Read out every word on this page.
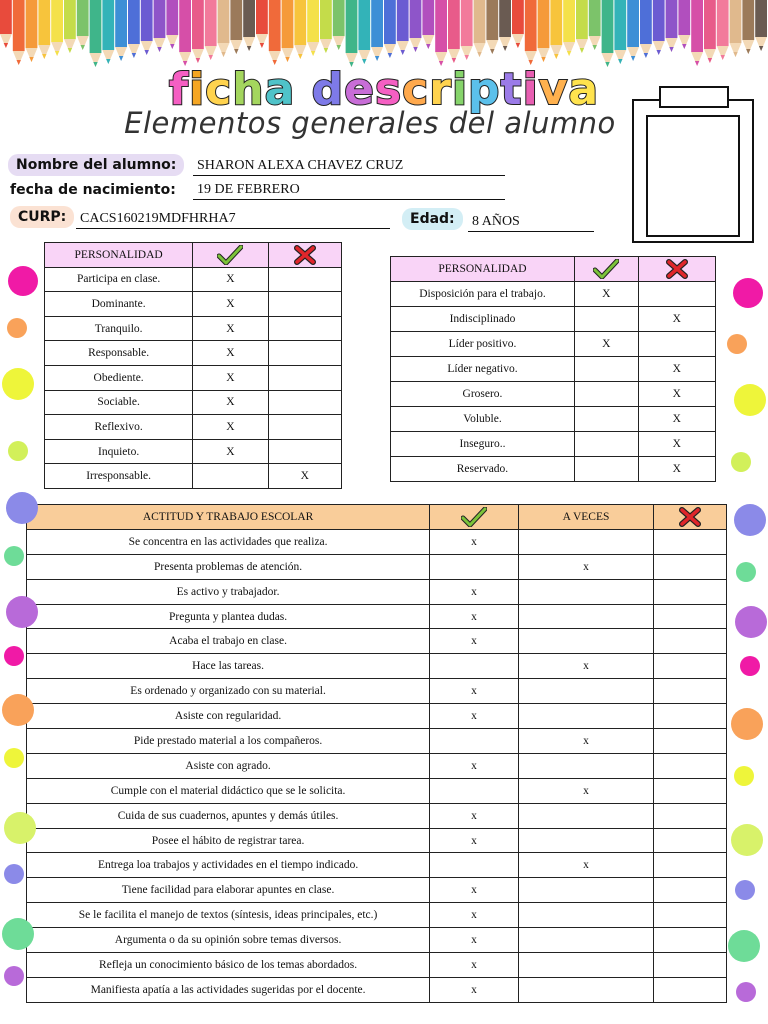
ficha descriptiva
Elementos generales del alumno
Nombre del alumno:	SHARON ALEXA CHAVEZ CRUZ
fecha de nacimiento:	19 DE FEBRERO
CURP: CACS160219MDFHRHA7	Edad:	8 AÑOS
PERSONALIDAD	

Participa en clase.	X	
Dominante.	X	
Tranquilo.	X	
Responsable.	X	
Obediente.	X	
Sociable.	X	
Reflexivo.	X	
Inquieto.	X	
Irresponsable.		X
PERSONALIDAD	

Disposición para el trabajo.	X	
Indisciplinado		X
Líder positivo.	X	
Líder negativo.		X
Grosero.		X
Voluble.		X
Inseguro..		X
Reservado.		X
ACTITUD Y TRABAJO ESCOLAR		A VECES	

Se concentra en las actividades que realiza.	x		
Presenta problemas de atención.		x	
Es activo y trabajador.	x		
Pregunta y plantea dudas.	x		
Acaba el trabajo en clase.	x		
Hace las tareas.		x	
Es ordenado y organizado con su material.	x		
Asiste con regularidad.	x		
Pide prestado material a los compañeros.		x	
Asiste con agrado.	x		
Cumple con el material didáctico que se le solicita.		x	
Cuida de sus cuadernos, apuntes y demás útiles.	x		
Posee el hábito de registrar tarea.	x		
Entrega loa trabajos y actividades en el tiempo indicado.		x	
Tiene facilidad para elaborar apuntes en clase.	x		
Se le facilita el manejo de textos (síntesis, ideas principales, etc.)	x		
Argumenta o da su opinión sobre temas diversos.	x		
Refleja un conocimiento básico de los temas abordados.	x		
Manifiesta apatía a las actividades sugeridas por el docente.	x		
